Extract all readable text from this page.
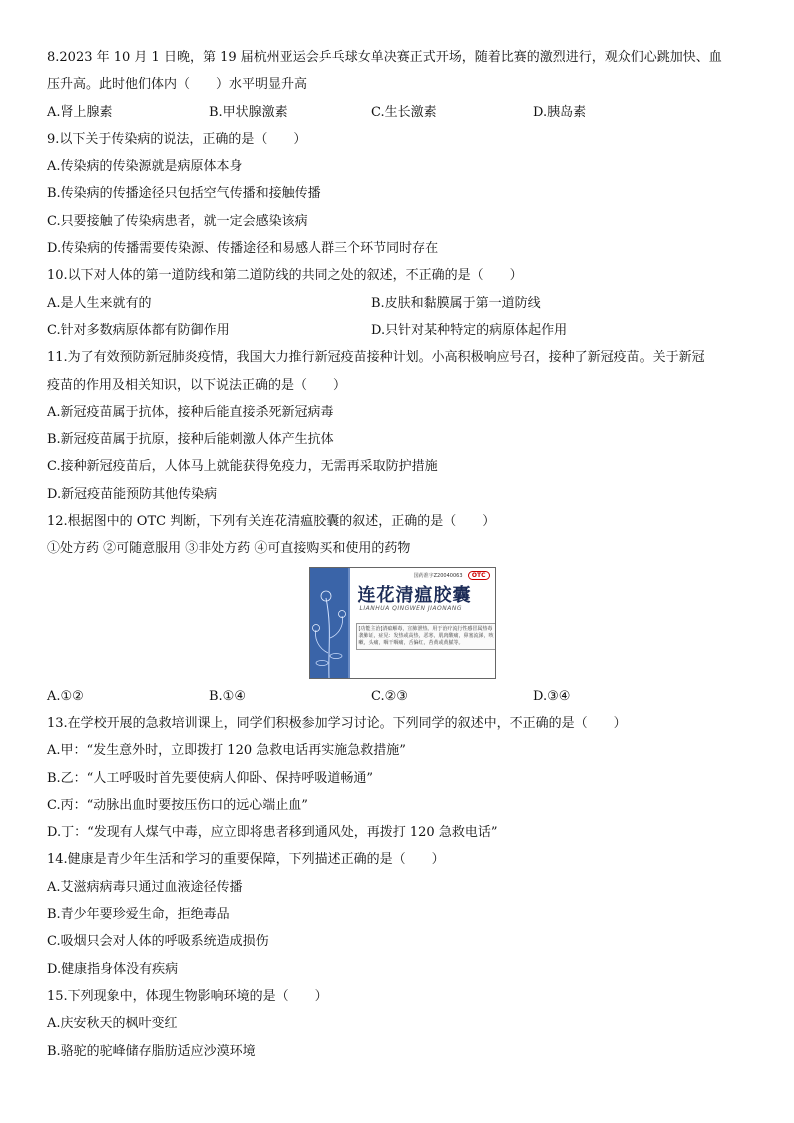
8.2023 年 10 月 1 日晚，第 19 届杭州亚运会乒乓球女单决赛正式开场，随着比赛的激烈进行，观众们心跳加快、血
压升高。此时他们体内（　　）水平明显升高
A.肾上腺素	B.甲状腺激素	C.生长激素	D.胰岛素
9.以下关于传染病的说法，正确的是（　　）
A.传染病的传染源就是病原体本身
B.传染病的传播途径只包括空气传播和接触传播
C.只要接触了传染病患者，就一定会感染该病
D.传染病的传播需要传染源、传播途径和易感人群三个环节同时存在
10.以下对人体的第一道防线和第二道防线的共同之处的叙述，不正确的是（　　）
A.是人生来就有的	B.皮肤和黏膜属于第一道防线
C.针对多数病原体都有防御作用	D.只针对某种特定的病原体起作用
11.为了有效预防新冠肺炎疫情，我国大力推行新冠疫苗接种计划。小高积极响应号召，接种了新冠疫苗。关于新冠
疫苗的作用及相关知识，以下说法正确的是（　　）
A.新冠疫苗属于抗体，接种后能直接杀死新冠病毒
B.新冠疫苗属于抗原，接种后能刺激人体产生抗体
C.接种新冠疫苗后，人体马上就能获得免疫力，无需再采取防护措施
D.新冠疫苗能预防其他传染病
12.根据图中的 OTC 判断，下列有关连花清瘟胶囊的叙述，正确的是（　　）
①处方药 ②可随意服用 ③非处方药 ④可直接购买和使用的药物
国药准字Z20040063	OTC
连花清瘟胶囊
LIANHUA QINGWEN JIAONANG
[功能主治]清瘟解毒，宣肺泄热。用于治疗流行性感冒属热毒袭肺证，症见：发热或高热，恶寒，肌肉酸痛，鼻塞流涕，咳嗽，头痛，咽干咽痛，舌偏红，苔黄或黄腻等。
A.①②	B.①④	C.②③	D.③④
13.在学校开展的急救培训课上，同学们积极参加学习讨论。下列同学的叙述中，不正确的是（　　）
A.甲：“发生意外时，立即拨打 120 急救电话再实施急救措施”
B.乙：“人工呼吸时首先要使病人仰卧、保持呼吸道畅通”
C.丙：“动脉出血时要按压伤口的远心端止血”
D.丁：“发现有人煤气中毒，应立即将患者移到通风处，再拨打 120 急救电话”
14.健康是青少年生活和学习的重要保障，下列描述正确的是（　　）
A.艾滋病病毒只通过血液途径传播
B.青少年要珍爱生命，拒绝毒品
C.吸烟只会对人体的呼吸系统造成损伤
D.健康指身体没有疾病
15.下列现象中，体现生物影响环境的是（　　）
A.庆安秋天的枫叶变红
B.骆驼的驼峰储存脂肪适应沙漠环境
